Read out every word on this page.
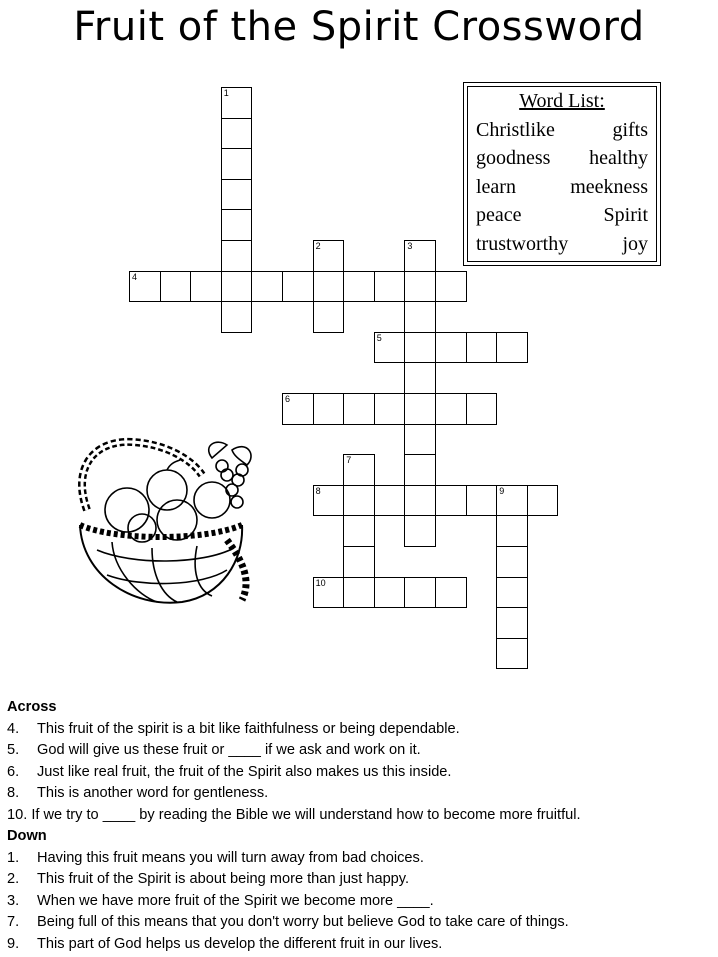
Fruit of the Spirit Crossword
1
2	3
4
5
6
7
8	9
10
Word List:
Christlike	gifts
goodness healthy
learn	meekness
peace	Spirit
trustworthy	joy
Across
4. This fruit of the spirit is a bit like faithfulness or being dependable.
5. God will give us these fruit or ____ if we ask and work on it.
6. Just like real fruit, the fruit of the Spirit also makes us this inside.
8. This is another word for gentleness.
10. If we try to ____ by reading the Bible we will understand how to become more fruitful.
Down
1. Having this fruit means you will turn away from bad choices.
2. This fruit of the Spirit is about being more than just happy.
3. When we have more fruit of the Spirit we become more ____.
7. Being full of this means that you don't worry but believe God to take care of things.
9. This part of God helps us develop the different fruit in our lives.
